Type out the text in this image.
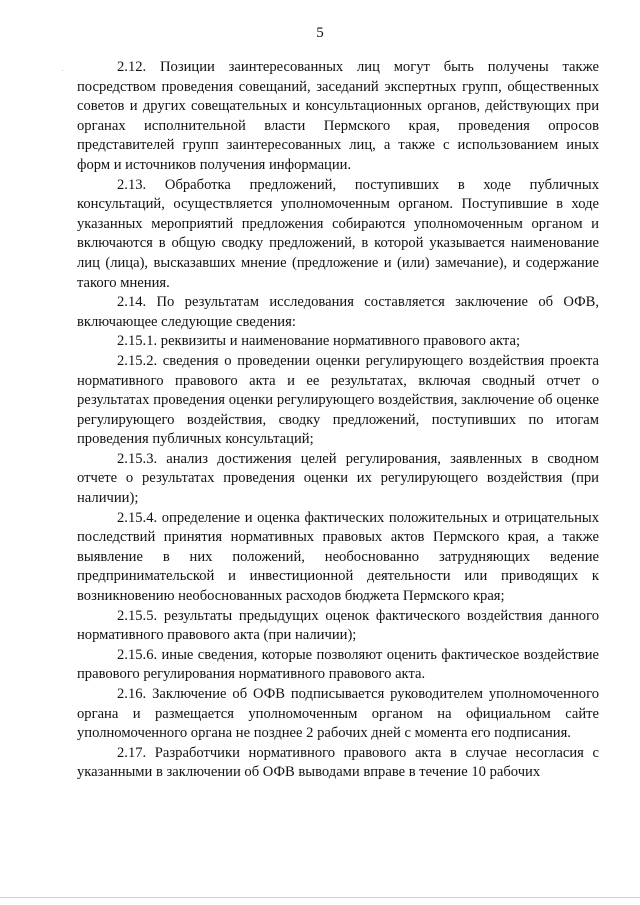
5

2.12. Позиции заинтересованных лиц могут быть получены также посредством проведения совещаний, заседаний экспертных групп, общественных советов и других совещательных и консультационных органов, действующих при органах исполнительной власти Пермского края, проведения опросов представителей групп заинтересованных лиц, а также с использованием иных форм и источников получения информации.

2.13. Обработка предложений, поступивших в ходе публичных консультаций, осуществляется уполномоченным органом. Поступившие в ходе указанных мероприятий предложения собираются уполномоченным органом и включаются в общую сводку предложений, в которой указывается наименование лиц (лица), высказавших мнение (предложение и (или) замечание), и содержание такого мнения.

2.14. По результатам исследования составляется заключение об ОФВ, включающее следующие сведения:

2.15.1. реквизиты и наименование нормативного правового акта;

2.15.2. сведения о проведении оценки регулирующего воздействия проекта нормативного правового акта и ее результатах, включая сводный отчет о результатах проведения оценки регулирующего воздействия, заключение об оценке регулирующего воздействия, сводку предложений, поступивших по итогам проведения публичных консультаций;

2.15.3. анализ достижения целей регулирования, заявленных в сводном отчете о результатах проведения оценки их регулирующего воздействия (при наличии);

2.15.4. определение и оценка фактических положительных и отрицательных последствий принятия нормативных правовых актов Пермского края, а также выявление в них положений, необоснованно затрудняющих ведение предпринимательской и инвестиционной деятельности или приводящих к возникновению необоснованных расходов бюджета Пермского края;

2.15.5. результаты предыдущих оценок фактического воздействия данного нормативного правового акта (при наличии);

2.15.6. иные сведения, которые позволяют оценить фактическое воздействие правового регулирования нормативного правового акта.

2.16. Заключение об ОФВ подписывается руководителем уполномоченного органа и размещается уполномоченным органом на официальном сайте уполномоченного органа не позднее 2 рабочих дней с момента его подписания.

2.17. Разработчики нормативного правового акта в случае несогласия с указанными в заключении об ОФВ выводами вправе в течение 10 рабочих
